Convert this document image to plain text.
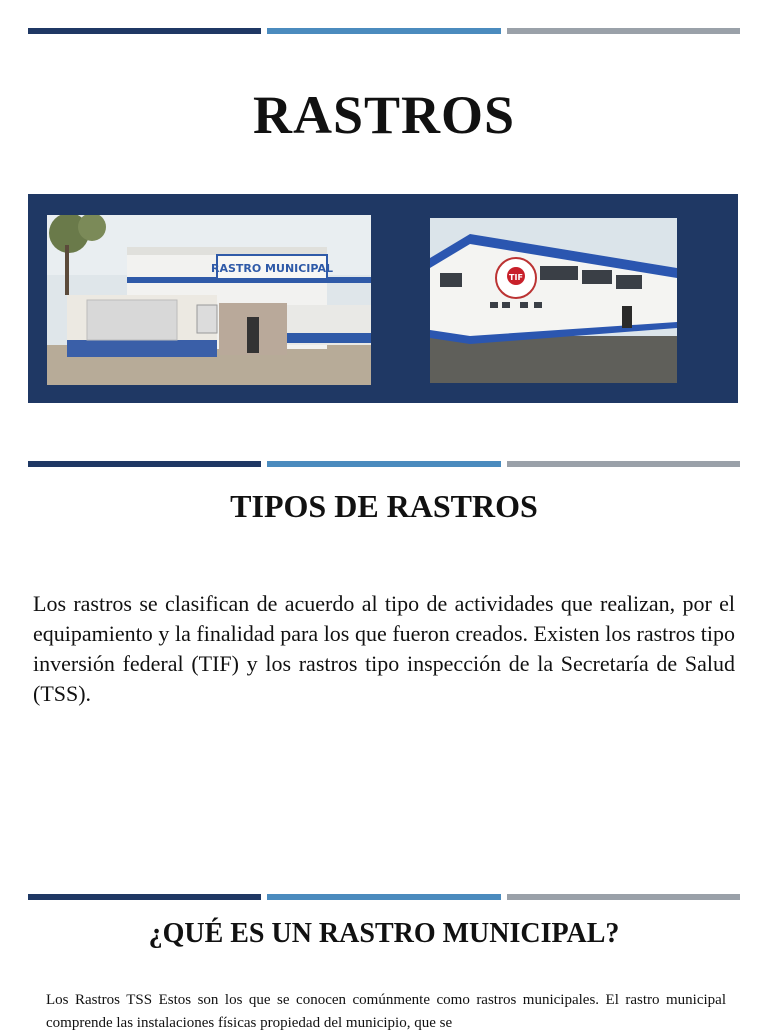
RASTROS
RASTRO MUNICIPAL
TIF
TIPOS DE RASTROS
Los rastros se clasifican de acuerdo al tipo de actividades que realizan, por el equipamiento y la finalidad para los que fueron creados. Existen los rastros tipo inversión federal (TIF) y los rastros tipo inspección de la Secretaría de Salud (TSS).
¿QUÉ ES UN RASTRO MUNICIPAL?
Los Rastros TSS Estos son los que se conocen comúnmente como rastros municipales. El rastro municipal comprende las instalaciones físicas propiedad del municipio, que se
